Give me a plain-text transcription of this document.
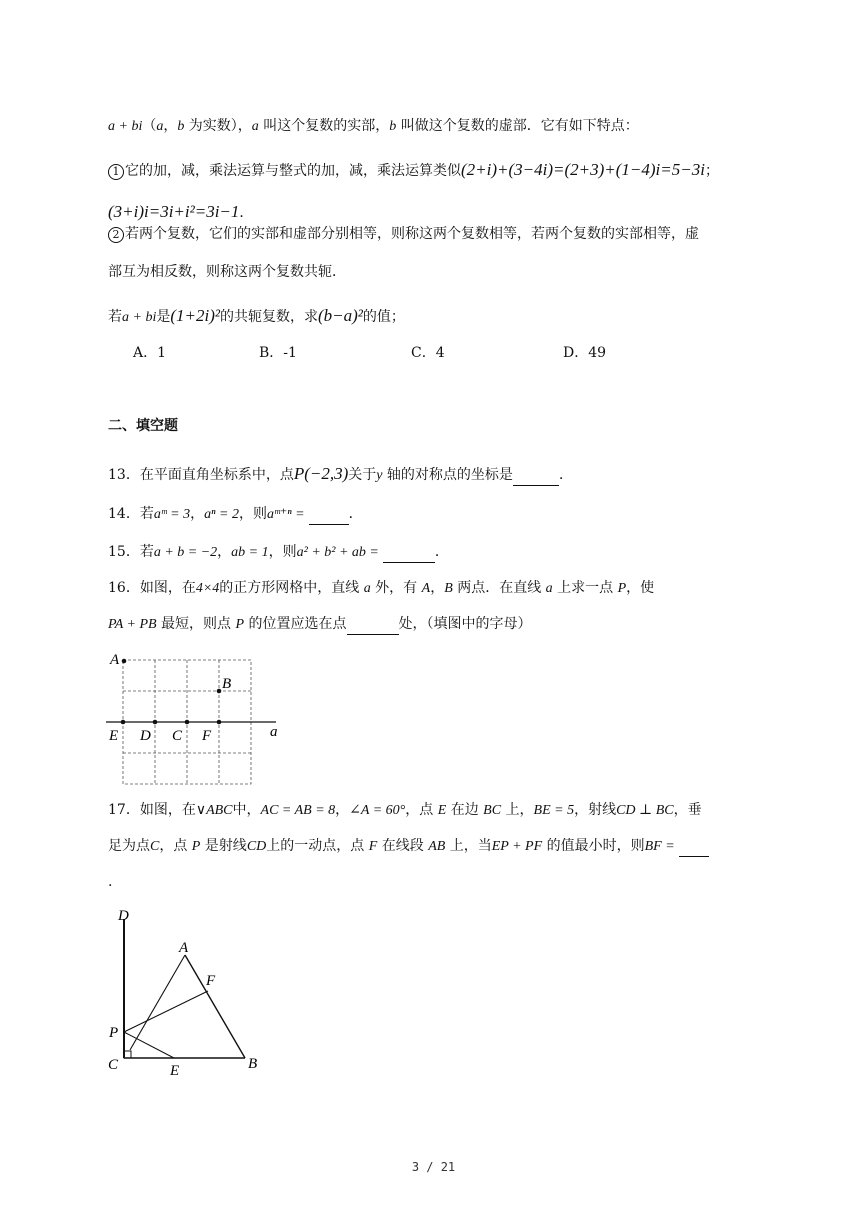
a + bi（a，b 为实数），a 叫这个复数的实部，b 叫做这个复数的虚部．它有如下特点：
1 它的加，减，乘法运算与整式的加，减，乘法运算类似(2+i)+(3−4i)=(2+3)+(1−4)i=5−3i；
(3+i)i=3i+i²=3i−1．
2 若两个复数，它们的实部和虚部分别相等，则称这两个复数相等，若两个复数的实部相等，虚
部互为相反数，则称这两个复数共轭．
若a + bi是(1+2i)²的共轭复数，求(b−a)²的值；
A．1	B．-1	C．4	D．49
二、填空题
13．在平面直角坐标系中，点P(−2,3)关于y 轴的对称点的坐标是	．
14．若aᵐ = 3，aⁿ = 2，则aᵐ⁺ⁿ =	．
15．若a + b = −2，ab = 1，则a² + b² + ab =	．
16．如图，在4×4的正方形网格中，直线 a 外，有 A，B 两点．在直线 a 上求一点 P，使
PA + PB 最短，则点 P 的位置应选在点	处，（填图中的字母）
A
B
E D C F	a
17．如图，在∨ABC中，AC = AB = 8，∠A = 60°，点 E 在边 BC 上，BE = 5，射线CD ⊥ BC，垂
足为点C，点 P 是射线CD上的一动点，点 F 在线段 AB 上，当EP + PF 的值最小时，则BF =
.
D
A
F
P
C	E	B
3 / 21
